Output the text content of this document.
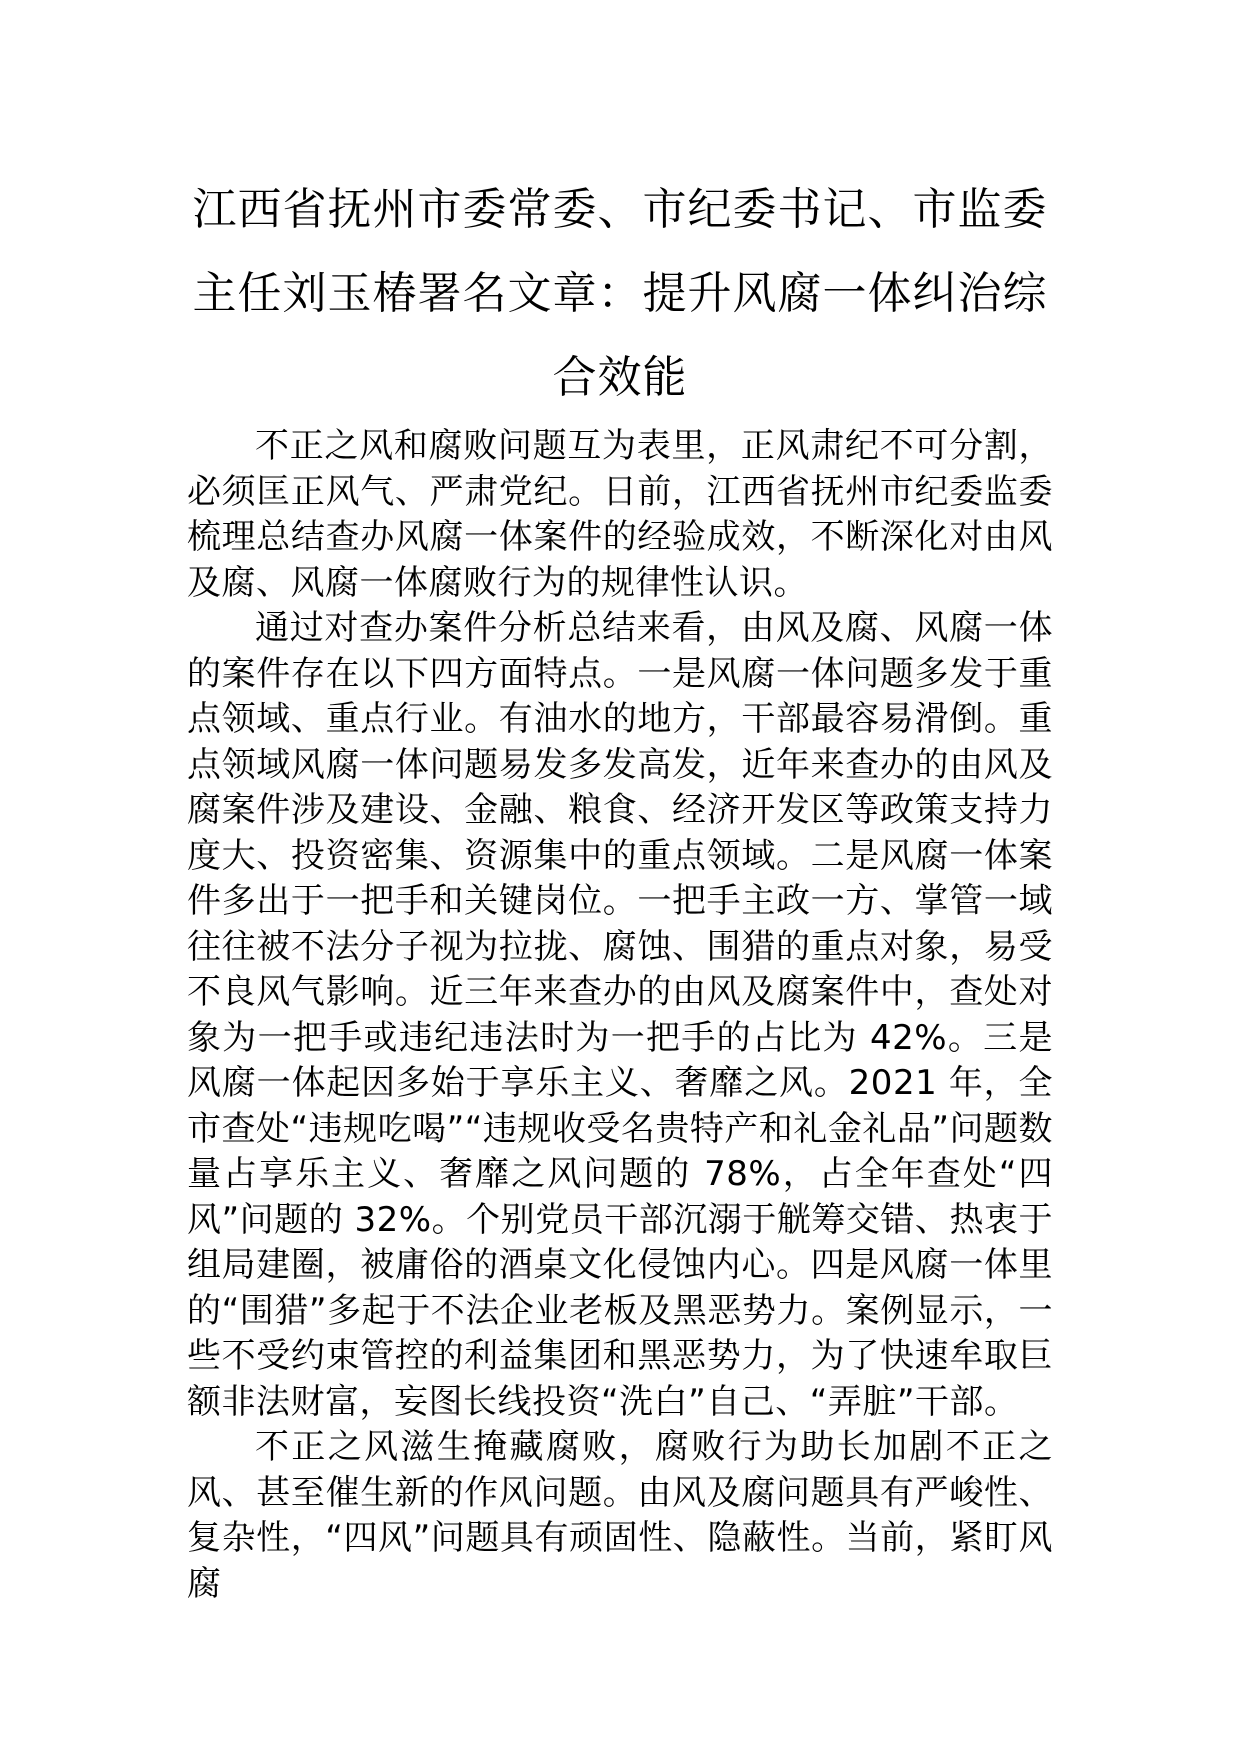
江西省抚州市委常委、市纪委书记、市监委主任刘玉椿署名文章：提升风腐一体纠治综合效能

不正之风和腐败问题互为表里，正风肃纪不可分割，必须匡正风气、严肃党纪。日前，江西省抚州市纪委监委梳理总结查办风腐一体案件的经验成效，不断深化对由风及腐、风腐一体腐败行为的规律性认识。

通过对查办案件分析总结来看，由风及腐、风腐一体的案件存在以下四方面特点。一是风腐一体问题多发于重点领域、重点行业。有油水的地方，干部最容易滑倒。重点领域风腐一体问题易发多发高发，近年来查办的由风及腐案件涉及建设、金融、粮食、经济开发区等政策支持力度大、投资密集、资源集中的重点领域。二是风腐一体案件多出于一把手和关键岗位。一把手主政一方、掌管一域往往被不法分子视为拉拢、腐蚀、围猎的重点对象，易受不良风气影响。近三年来查办的由风及腐案件中，查处对象为一把手或违纪违法时为一把手的占比为 42%。三是风腐一体起因多始于享乐主义、奢靡之风。2021 年，全市查处“违规吃喝”“违规收受名贵特产和礼金礼品”问题数量占享乐主义、奢靡之风问题的 78%，占全年查处“四风”问题的 32%。个别党员干部沉溺于觥筹交错、热衷于组局建圈，被庸俗的酒桌文化侵蚀内心。四是风腐一体里的“围猎”多起于不法企业老板及黑恶势力。案例显示，一些不受约束管控的利益集团和黑恶势力，为了快速牟取巨额非法财富，妄图长线投资“洗白”自己、“弄脏”干部。

不正之风滋生掩藏腐败，腐败行为助长加剧不正之风、甚至催生新的作风问题。由风及腐问题具有严峻性、复杂性，“四风”问题具有顽固性、隐蔽性。当前，紧盯风腐
